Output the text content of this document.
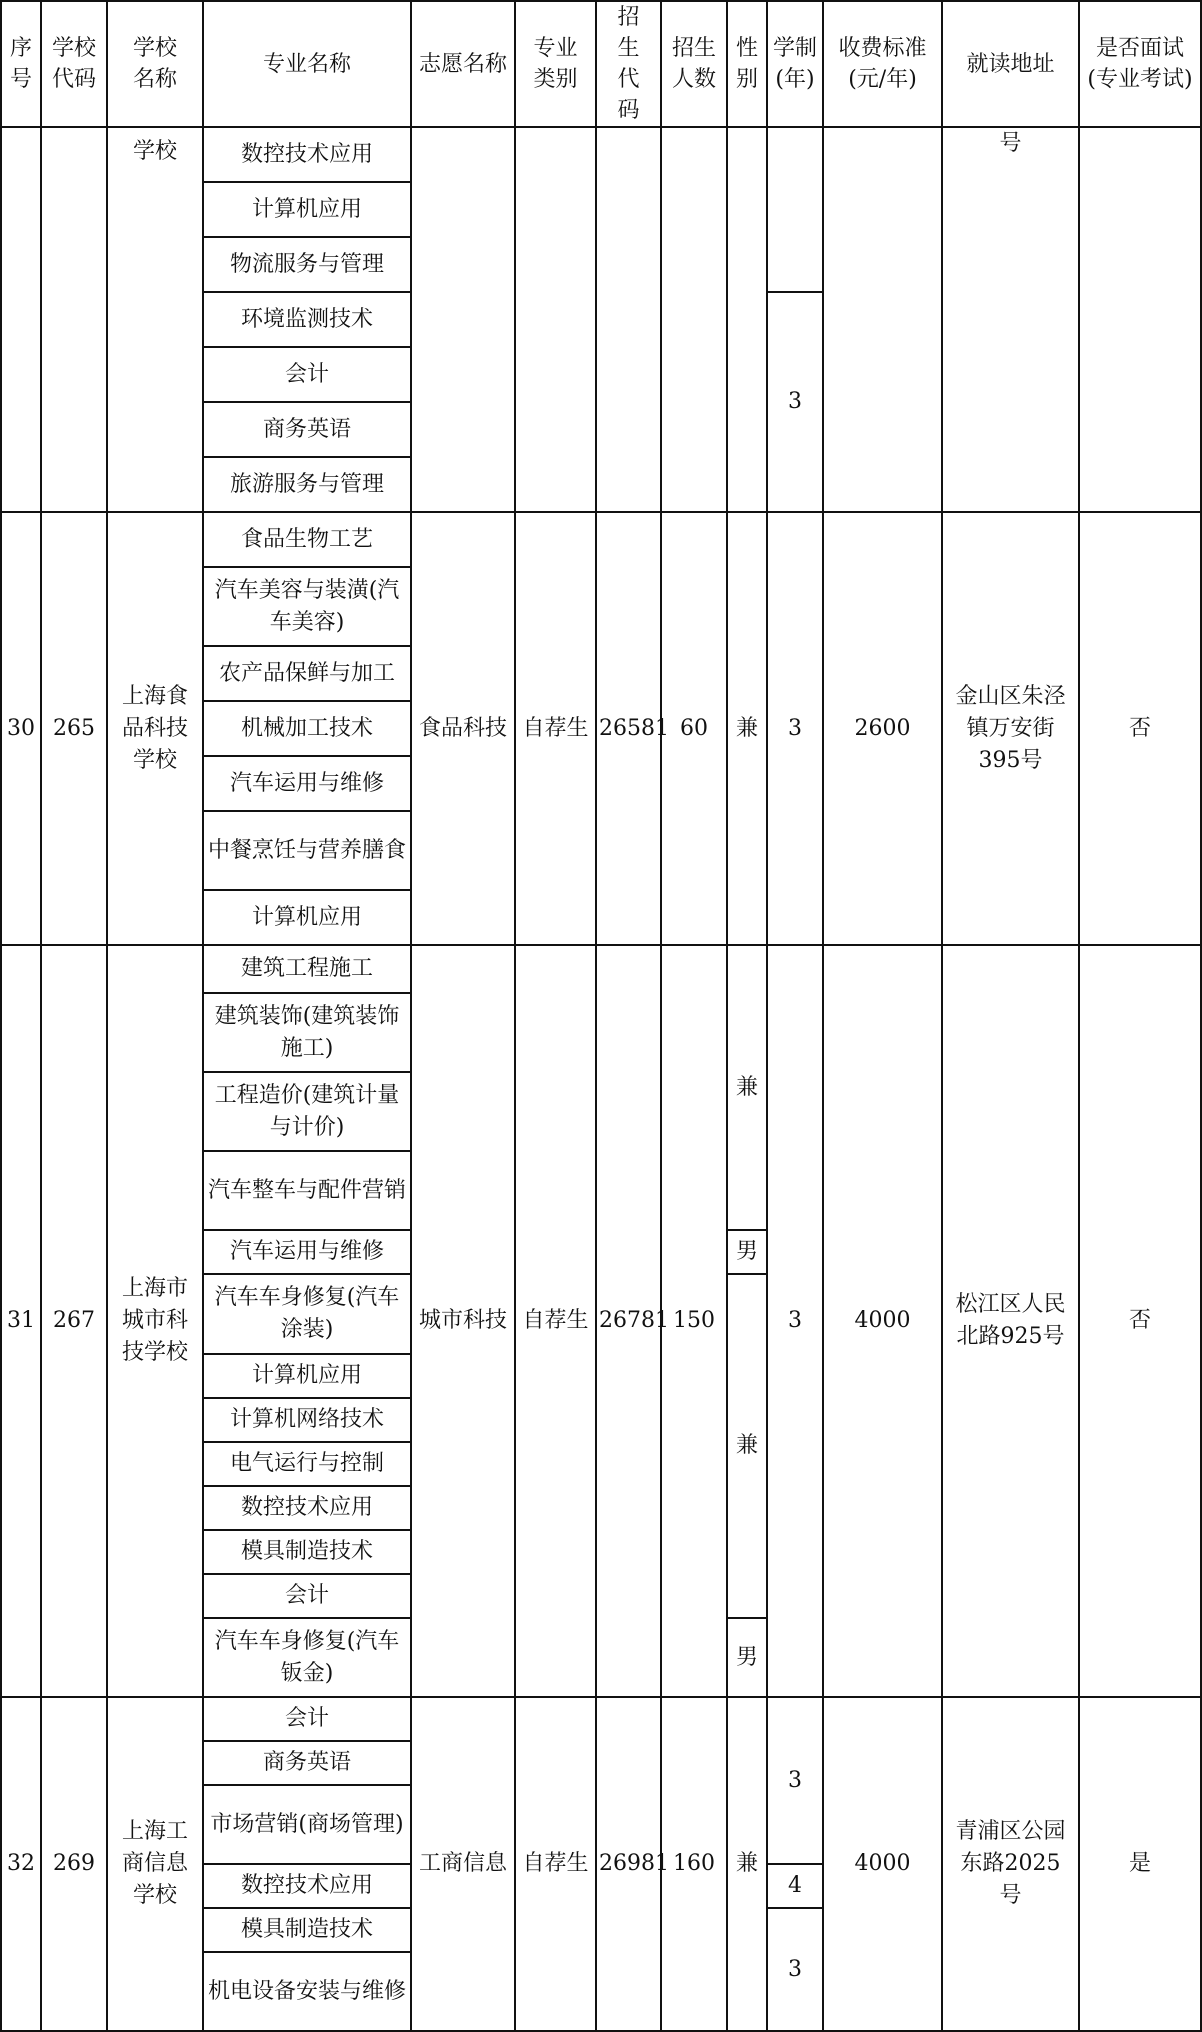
序号	学校代码	学校名称	专业名称	志愿名称	专业类别	招生代码	招生人数	性别	学制(年)	收费标准(元/年)	就读地址	是否面试(专业考试)
		学校	数控技术应用								号	
			计算机应用									
			物流服务与管理									
			环境监测技术						3			
			会计									
			商务英语									
			旅游服务与管理									
30	265	上海食品科技学校	食品生物工艺	食品科技	自荐生	26581	60	兼	3	2600	金山区朱泾镇万安街395号	否
			汽车美容与装潢(汽车美容)									
			农产品保鲜与加工									
			机械加工技术									
			汽车运用与维修									
			中餐烹饪与营养膳食									
			计算机应用									
31	267	上海市城市科技学校	建筑工程施工	城市科技	自荐生	26781	150	兼	3	4000	松江区人民北路925号	否
			建筑装饰(建筑装饰施工)									
			工程造价(建筑计量与计价)									
			汽车整车与配件营销									
			汽车运用与维修					男				
			汽车车身修复(汽车涂装)					兼				
			计算机应用									
			计算机网络技术									
			电气运行与控制									
			数控技术应用									
			模具制造技术									
			会计									
			汽车车身修复(汽车钣金)					男				
32	269	上海工商信息学校	会计	工商信息	自荐生	26981	160	兼	3	4000	青浦区公园东路2025号	是
			商务英语									
			市场营销(商场管理)									
			数控技术应用						4			
			模具制造技术						3			
			机电设备安装与维修									
